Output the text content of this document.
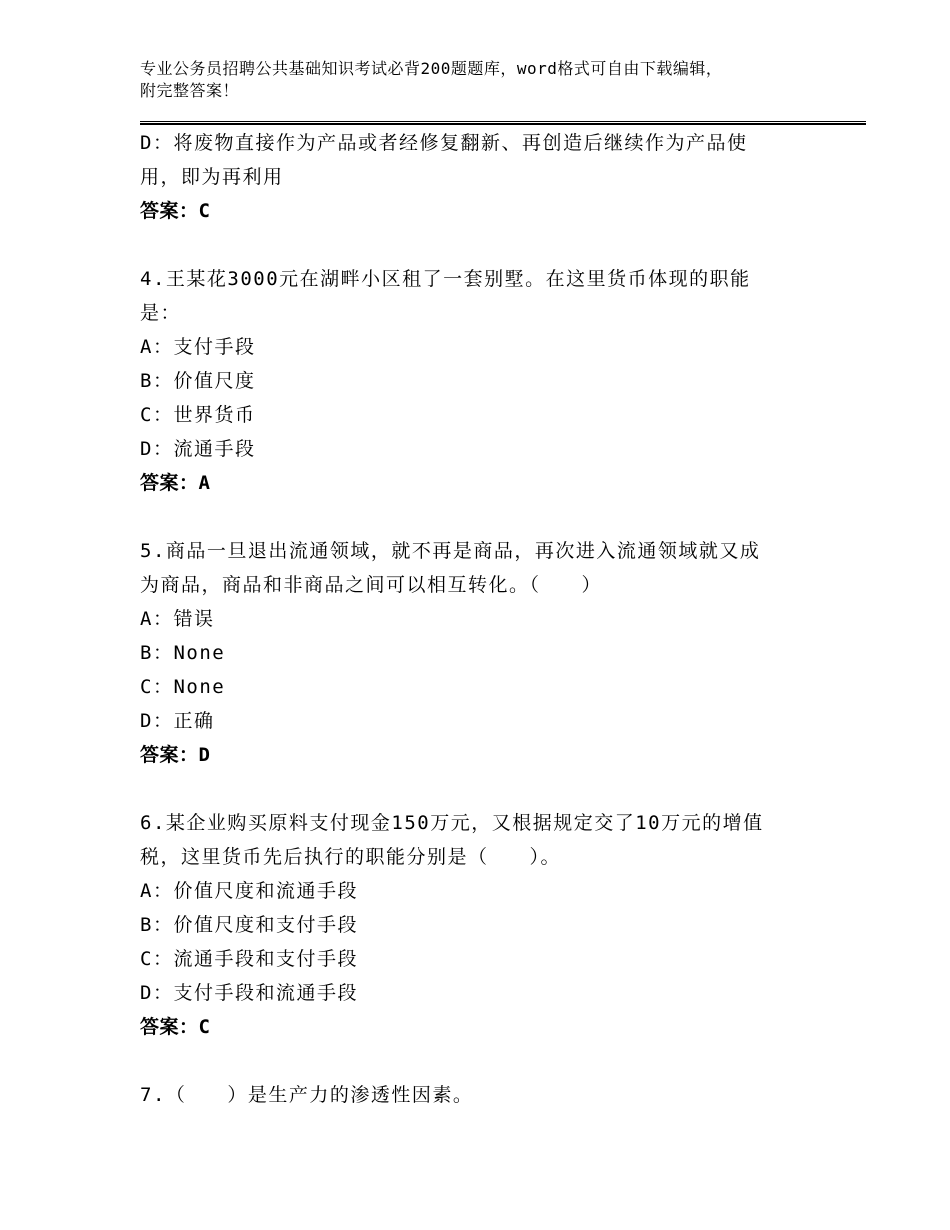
专业公务员招聘公共基础知识考试必背200题题库，word格式可自由下载编辑，
附完整答案！
D：将废物直接作为产品或者经修复翻新、再创造后继续作为产品使
用，即为再利用
答案：C
4.王某花3000元在湖畔小区租了一套别墅。在这里货币体现的职能
是：
A：支付手段
B：价值尺度
C：世界货币
D：流通手段
答案：A
5.商品一旦退出流通领域，就不再是商品，再次进入流通领域就又成
为商品，商品和非商品之间可以相互转化。（　　）
A：错误
B：None
C：None
D：正确
答案：D
6.某企业购买原料支付现金150万元，又根据规定交了10万元的增值
税，这里货币先后执行的职能分别是（　　）。
A：价值尺度和流通手段
B：价值尺度和支付手段
C：流通手段和支付手段
D：支付手段和流通手段
答案：C
7.（　　）是生产力的渗透性因素。
